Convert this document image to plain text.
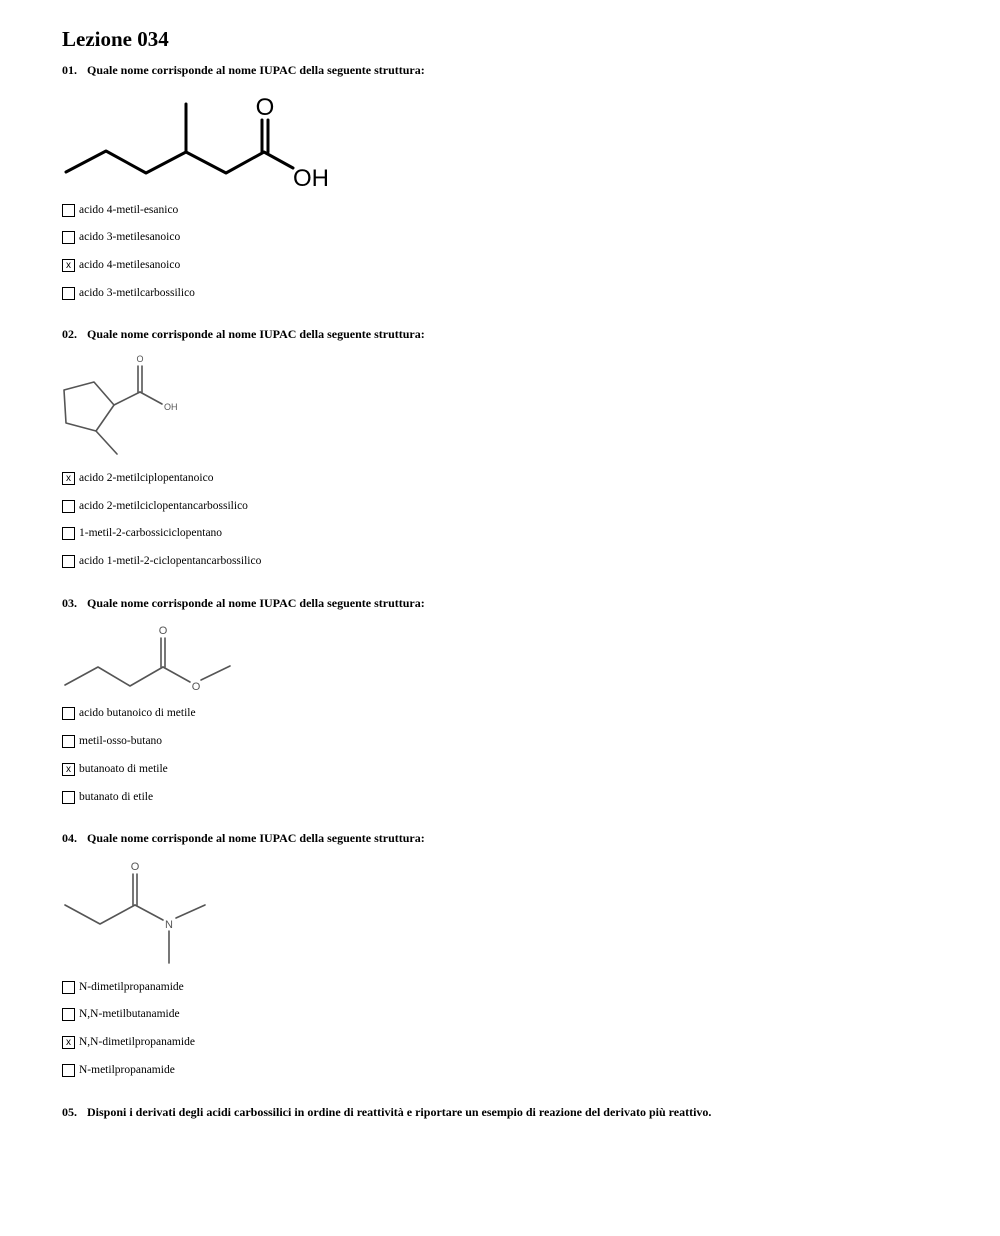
Lezione 034
01. Quale nome corrisponde al nome IUPAC della seguente struttura:
O
OH
acido 4-metil-esanico
acido 3-metilesanoico
x acido 4-metilesanoico
acido 3-metilcarbossilico
02. Quale nome corrisponde al nome IUPAC della seguente struttura:
O
OH
x acido 2-metilciplopentanoico
acido 2-metilciclopentancarbossilico
1-metil-2-carbossiciclopentano
acido 1-metil-2-ciclopentancarbossilico
03. Quale nome corrisponde al nome IUPAC della seguente struttura:
O
O
acido butanoico di metile
metil-osso-butano
x butanoato di metile
butanato di etile
04. Quale nome corrisponde al nome IUPAC della seguente struttura:
O
N
N-dimetilpropanamide
N,N-metilbutanamide
x N,N-dimetilpropanamide
N-metilpropanamide
05. Disponi i derivati degli acidi carbossilici in ordine di reattività e riportare un esempio di reazione del derivato più reattivo.
